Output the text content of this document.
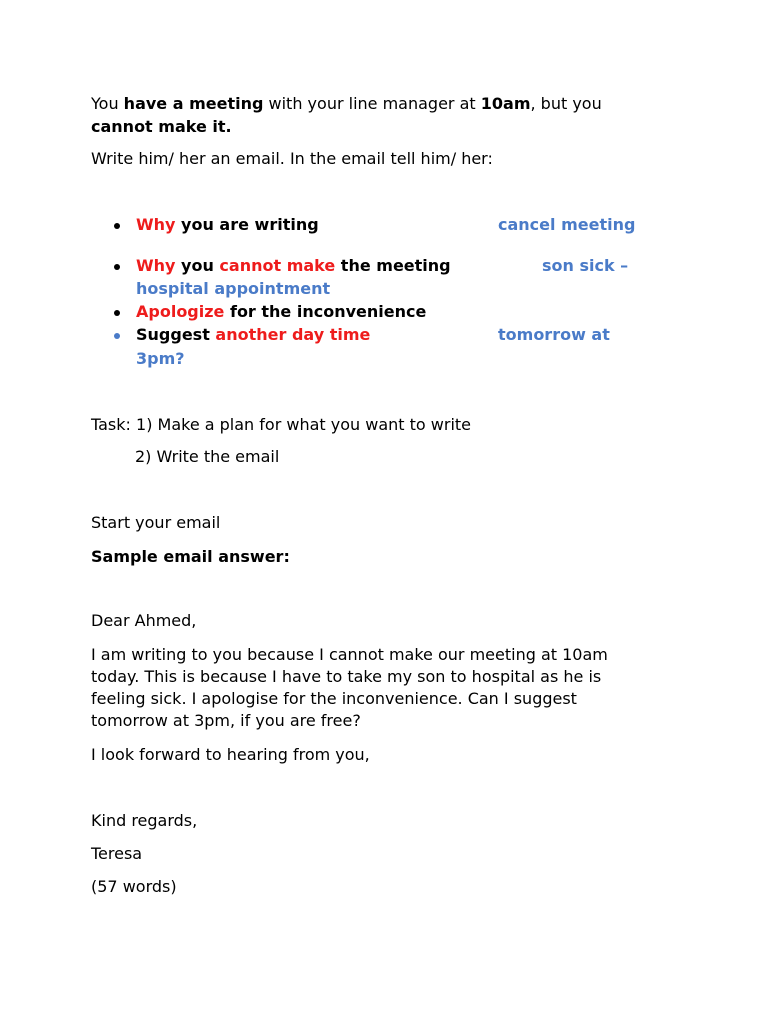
You have a meeting with your line manager at 10am, but you
cannot make it.
Write him/ her an email. In the email tell him/ her:
Why you are writing	cancel meeting
Why you cannot make the meeting	son sick –
hospital appointment
Apologize for the inconvenience
Suggest another day time	tomorrow at
3pm?
Task: 1) Make a plan for what you want to write
2) Write the email
Start your email
Sample email answer:
Dear Ahmed,
I am writing to you because I cannot make our meeting at 10am
today. This is because I have to take my son to hospital as he is
feeling sick. I apologise for the inconvenience. Can I suggest
tomorrow at 3pm, if you are free?
I look forward to hearing from you,
Kind regards,
Teresa
(57 words)
